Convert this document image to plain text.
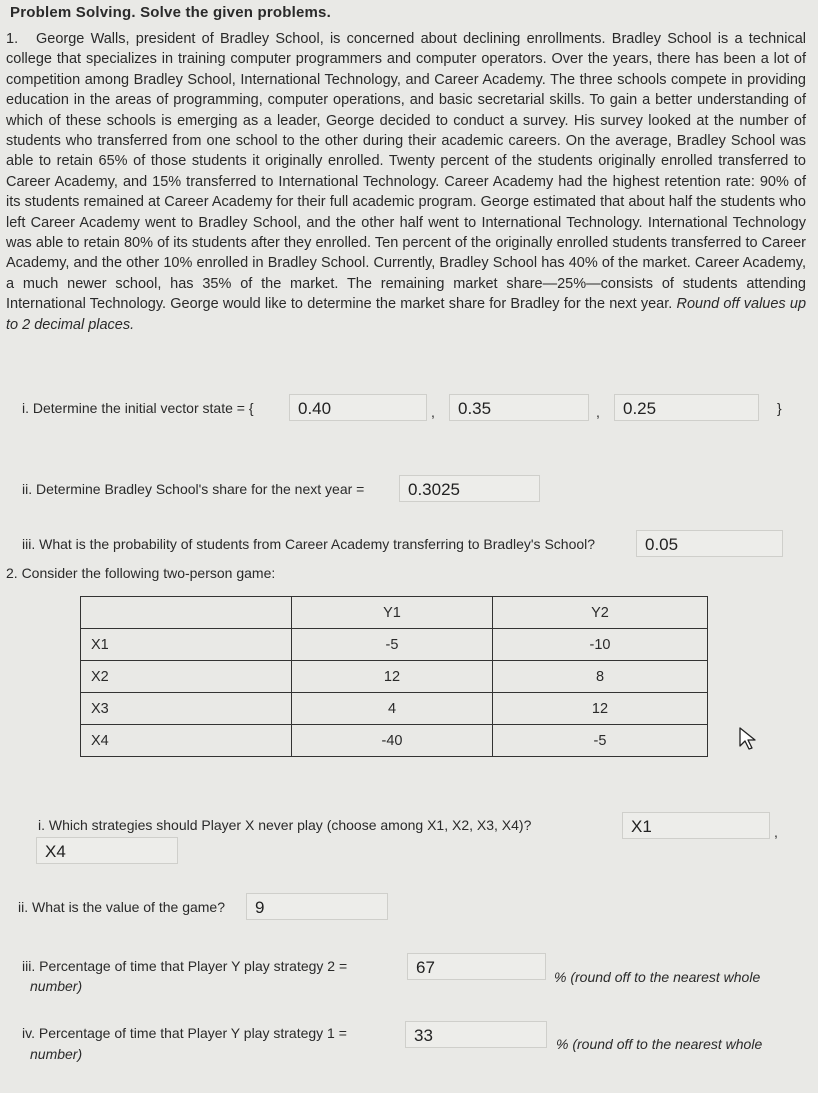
Problem Solving. Solve the given problems.
1.	George Walls, president of Bradley School, is concerned about declining enrollments. Bradley School is a technical college that specializes in training computer programmers and computer operators. Over the years, there has been a lot of competition among Bradley School, International Technology, and Career Academy. The three schools compete in providing education in the areas of programming, computer operations, and basic secretarial skills. To gain a better understanding of which of these schools is emerging as a leader, George decided to conduct a survey. His survey looked at the number of students who transferred from one school to the other during their academic careers. On the average, Bradley School was able to retain 65% of those students it originally enrolled. Twenty percent of the students originally enrolled transferred to Career Academy, and 15% transferred to International Technology. Career Academy had the highest retention rate: 90% of its students remained at Career Academy for their full academic program. George estimated that about half the students who left Career Academy went to Bradley School, and the other half went to International Technology. International Technology was able to retain 80% of its students after they enrolled. Ten percent of the originally enrolled students transferred to Career Academy, and the other 10% enrolled in Bradley School. Currently, Bradley School has 40% of the market. Career Academy, a much newer school, has 35% of the market. The remaining market share—25%—consists of students attending International Technology. George would like to determine the market share for Bradley for the next year. Round off values up to 2 decimal places.
i. Determine the initial vector state = {	0.40	,	0.35	,	0.25	}
ii. Determine Bradley School's share for the next year =	0.3025
iii. What is the probability of students from Career Academy transferring to Bradley's School?	0.05
2. Consider the following two-person game:
	Y1	Y2
X1	-5	-10
X2	12	8
X3	4	12
X4	-40	-5
i. Which strategies should Player X never play (choose among X1, X2, X3, X4)?	X1	,
X4
ii. What is the value of the game?	9
iii. Percentage of time that Player Y play strategy 2 =	67	% (round off to the nearest whole
number)
iv. Percentage of time that Player Y play strategy 1 =	33	% (round off to the nearest whole
number)
